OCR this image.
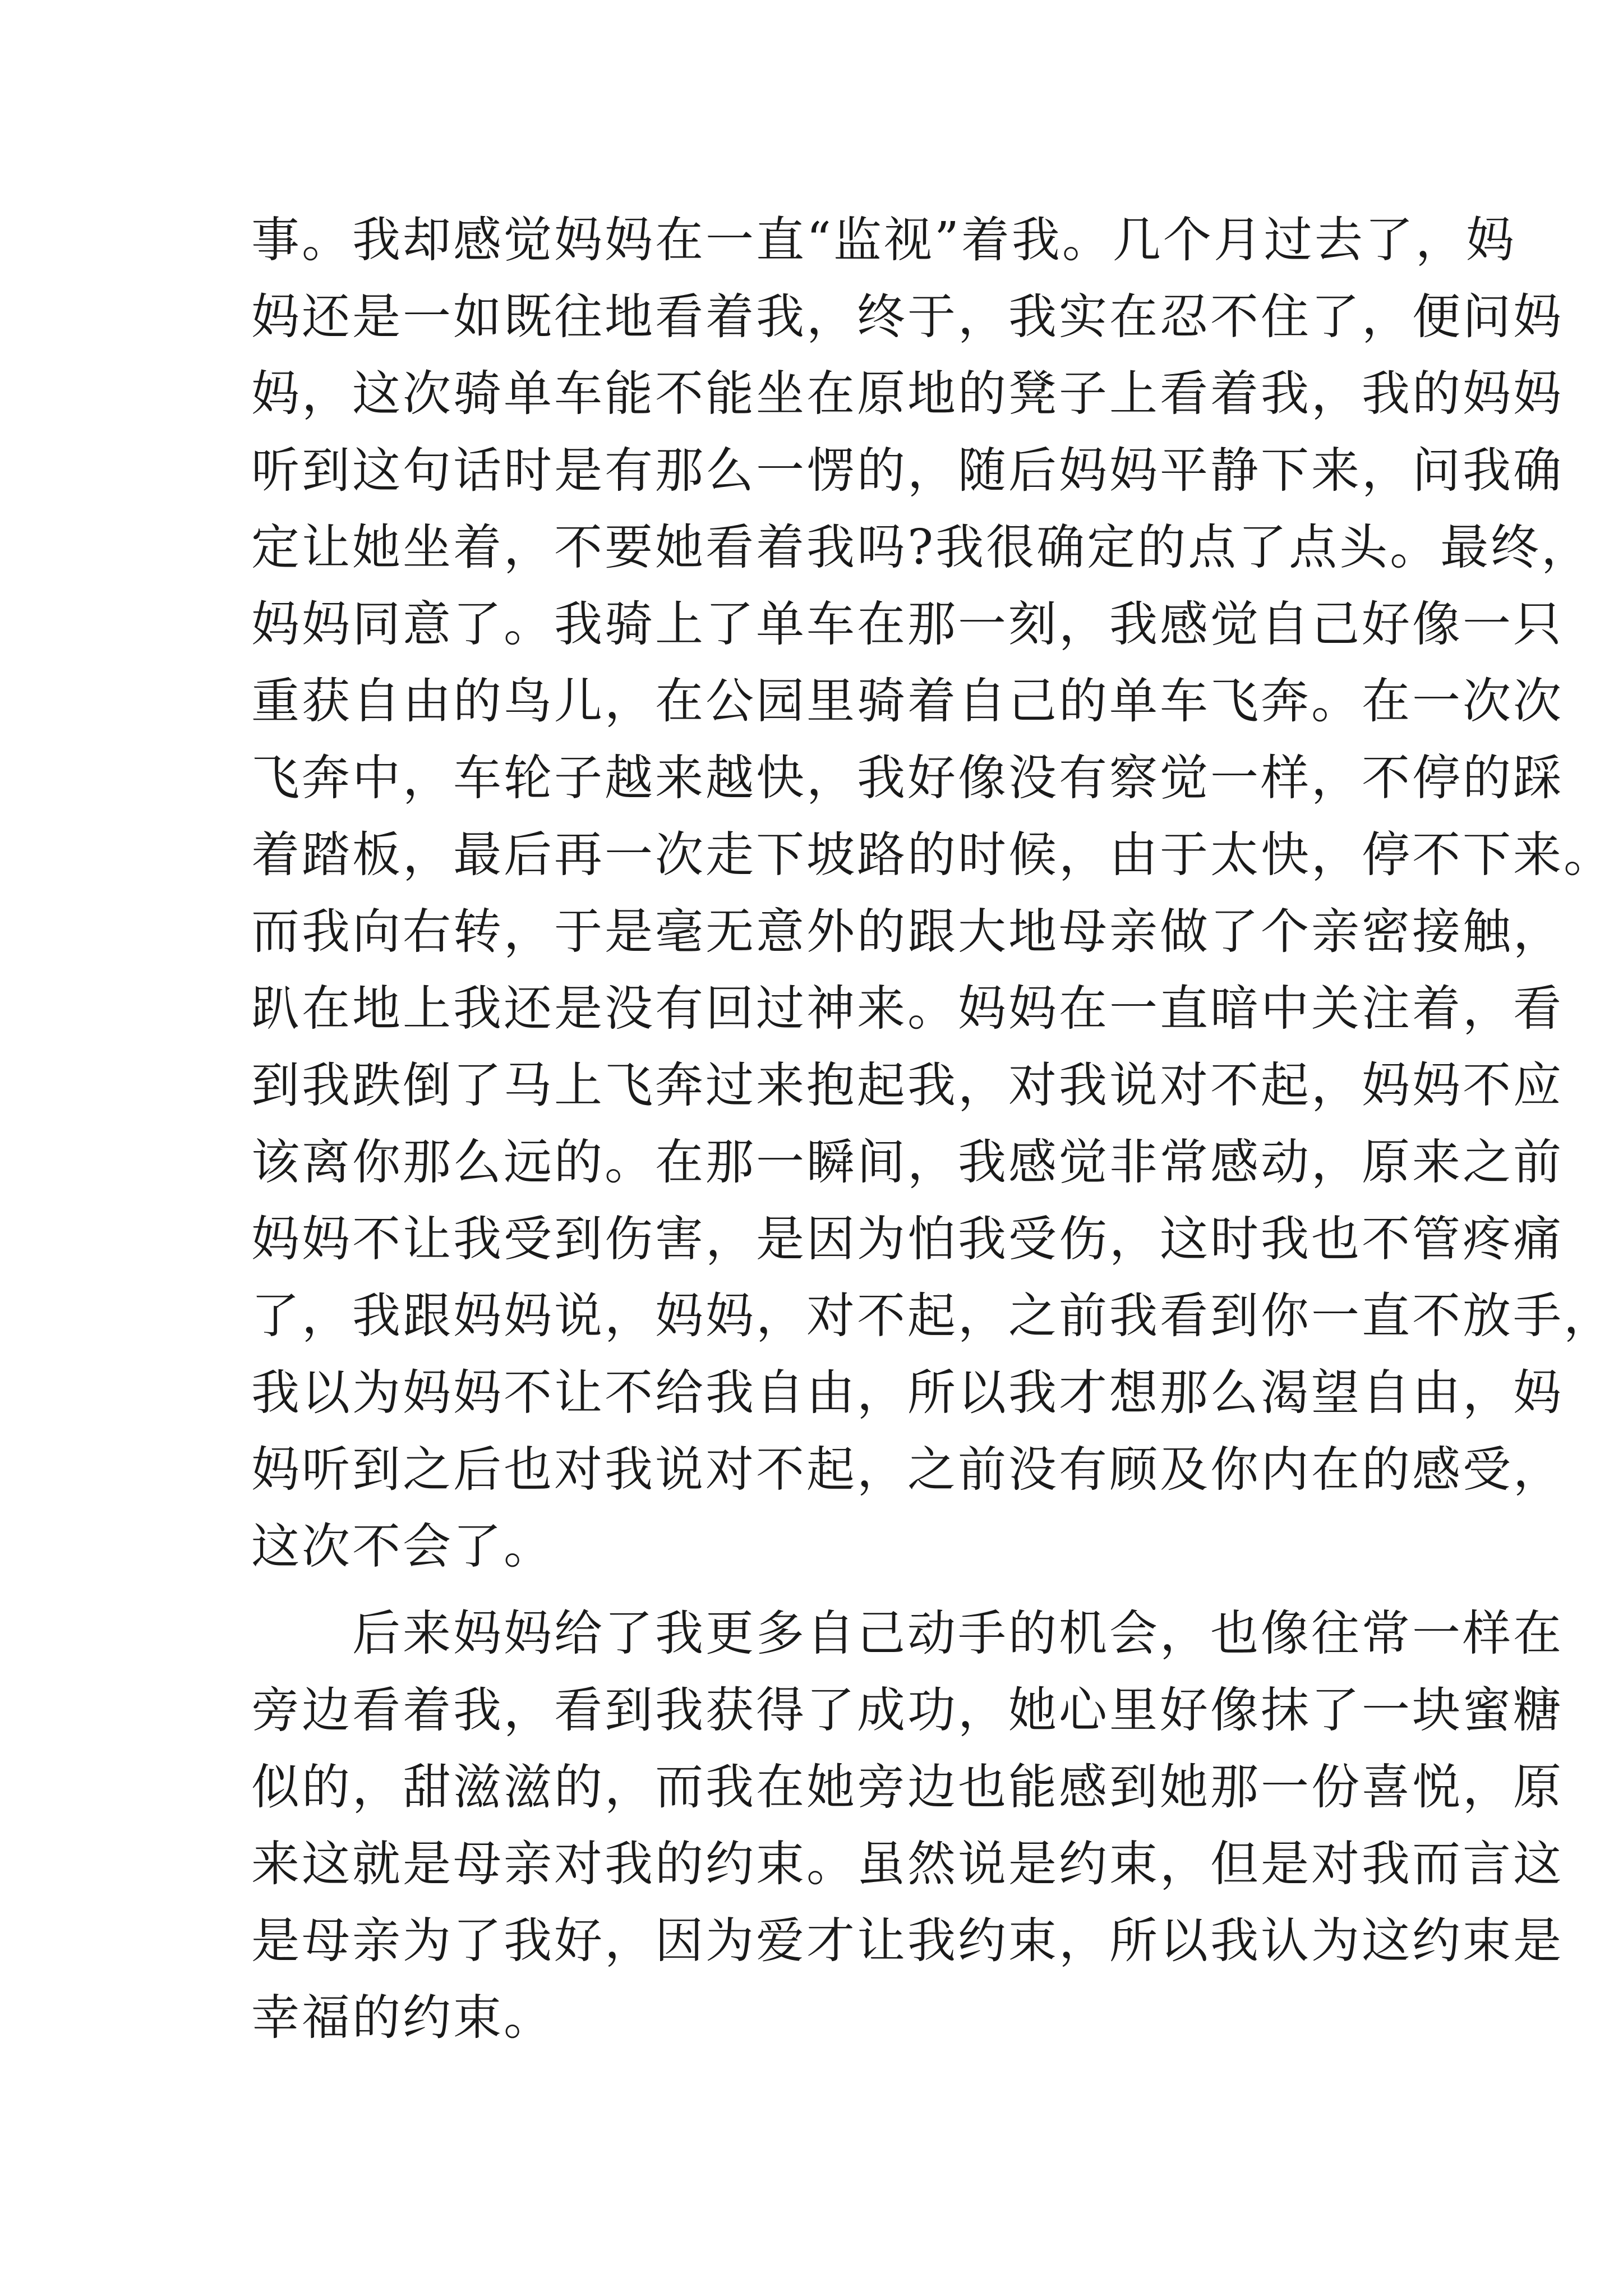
事。我却感觉妈妈在一直“监视”着我。几个月过去了，妈
妈还是一如既往地看着我，终于，我实在忍不住了，便问妈
妈，这次骑单车能不能坐在原地的凳子上看着我，我的妈妈
听到这句话时是有那么一愣的，随后妈妈平静下来，问我确
定让她坐着，不要她看着我吗?我很确定的点了点头。最终，
妈妈同意了。我骑上了单车在那一刻，我感觉自己好像一只
重获自由的鸟儿，在公园里骑着自己的单车飞奔。在一次次
飞奔中，车轮子越来越快，我好像没有察觉一样，不停的踩
着踏板，最后再一次走下坡路的时候，由于太快，停不下来。
而我向右转，于是毫无意外的跟大地母亲做了个亲密接触，
趴在地上我还是没有回过神来。妈妈在一直暗中关注着，看
到我跌倒了马上飞奔过来抱起我，对我说对不起，妈妈不应
该离你那么远的。在那一瞬间，我感觉非常感动，原来之前
妈妈不让我受到伤害，是因为怕我受伤，这时我也不管疼痛
了，我跟妈妈说，妈妈，对不起，之前我看到你一直不放手，
我以为妈妈不让不给我自由，所以我才想那么渴望自由，妈
妈听到之后也对我说对不起，之前没有顾及你内在的感受，
这次不会了。
　　后来妈妈给了我更多自己动手的机会，也像往常一样在
旁边看着我，看到我获得了成功，她心里好像抹了一块蜜糖
似的，甜滋滋的，而我在她旁边也能感到她那一份喜悦，原
来这就是母亲对我的约束。虽然说是约束，但是对我而言这
是母亲为了我好，因为爱才让我约束，所以我认为这约束是
幸福的约束。
